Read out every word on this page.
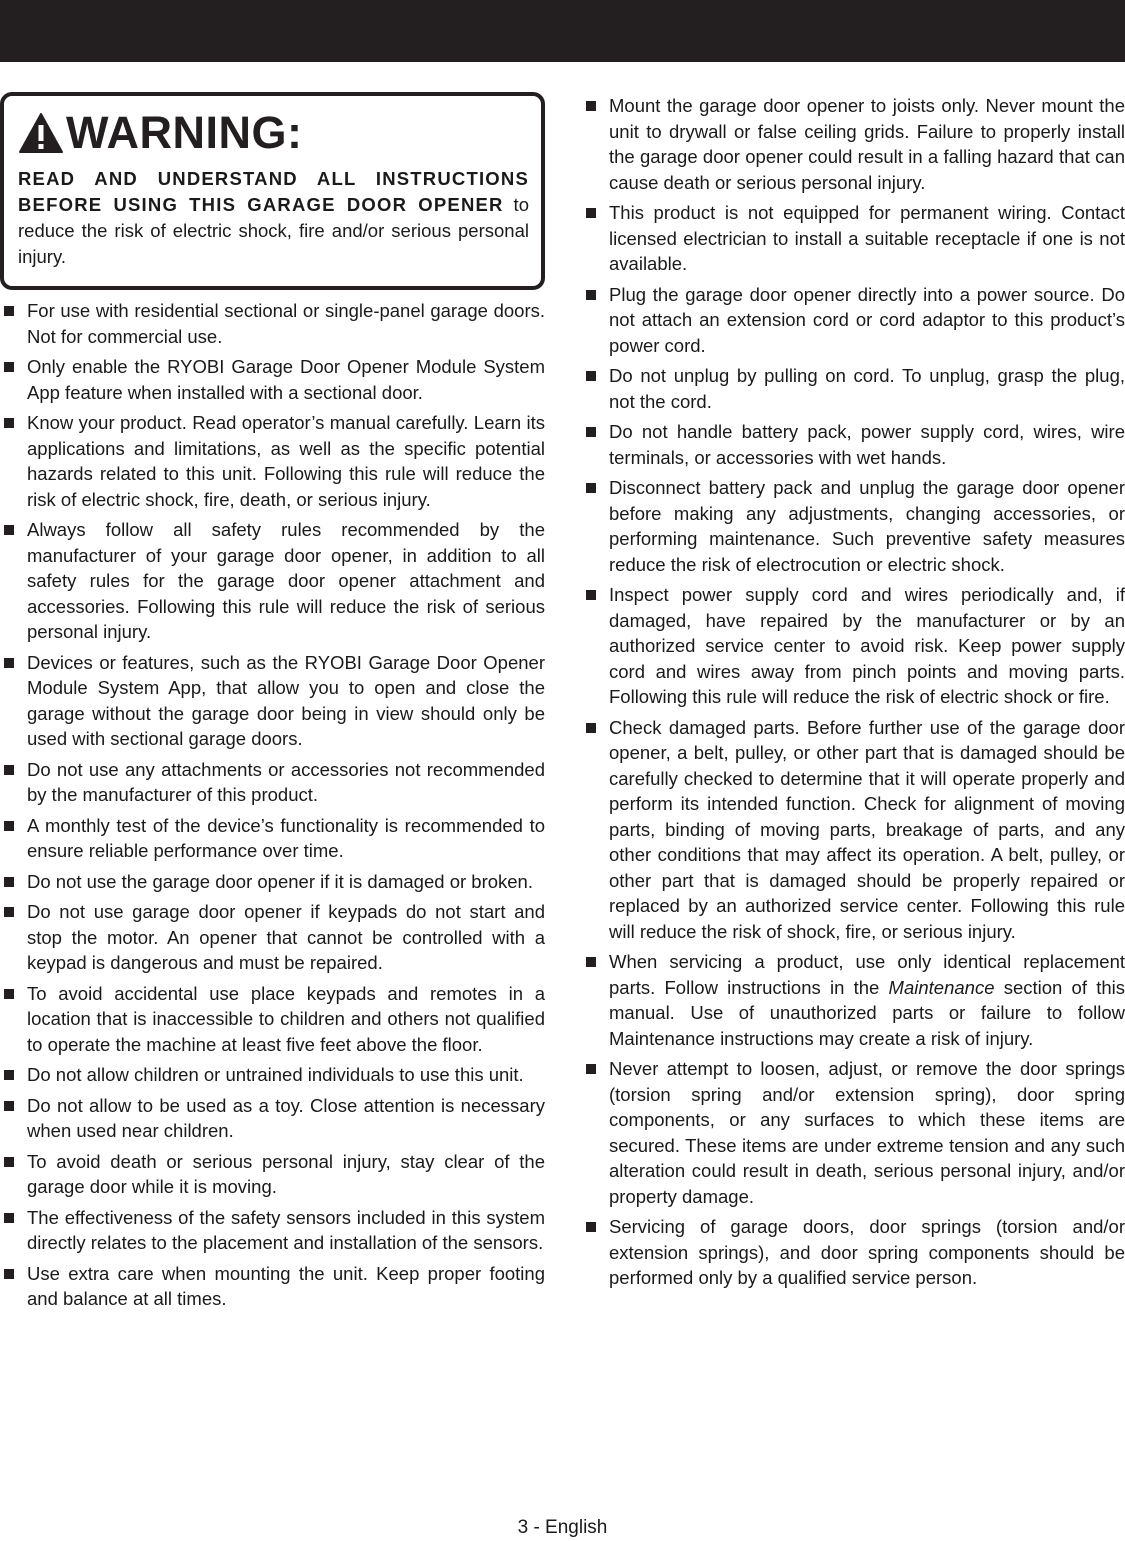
WARNING:
READ AND UNDERSTAND ALL INSTRUCTIONS BEFORE USING THIS GARAGE DOOR OPENER to reduce the risk of electric shock, fire and/or serious personal injury.
For use with residential sectional or single-panel garage doors. Not for commercial use.
Only enable the RYOBI Garage Door Opener Module System App feature when installed with a sectional door.
Know your product. Read operator’s manual carefully. Learn its applications and limitations, as well as the specific potential hazards related to this unit. Following this rule will reduce the risk of electric shock, fire, death, or serious injury.
Always follow all safety rules recommended by the manufacturer of your garage door opener, in addition to all safety rules for the garage door opener attachment and accessories. Following this rule will reduce the risk of serious personal injury.
Devices or features, such as the RYOBI Garage Door Opener Module System App, that allow you to open and close the garage without the garage door being in view should only be used with sectional garage doors.
Do not use any attachments or accessories not recommended by the manufacturer of this product.
A monthly test of the device’s functionality is recommended to ensure reliable performance over time.
Do not use the garage door opener if it is damaged or broken.
Do not use garage door opener if keypads do not start and stop the motor. An opener that cannot be controlled with a keypad is dangerous and must be repaired.
To avoid accidental use place keypads and remotes in a location that is inaccessible to children and others not qualified to operate the machine at least five feet above the floor.
Do not allow children or untrained individuals to use this unit.
Do not allow to be used as a toy. Close attention is necessary when used near children.
To avoid death or serious personal injury, stay clear of the garage door while it is moving.
The effectiveness of the safety sensors included in this system directly relates to the placement and installation of the sensors.
Use extra care when mounting the unit. Keep proper footing and balance at all times.
Mount the garage door opener to joists only. Never mount the unit to drywall or false ceiling grids. Failure to properly install the garage door opener could result in a falling hazard that can cause death or serious personal injury.
This product is not equipped for permanent wiring. Contact licensed electrician to install a suitable receptacle if one is not available.
Plug the garage door opener directly into a power source. Do not attach an extension cord or cord adaptor to this product’s power cord.
Do not unplug by pulling on cord. To unplug, grasp the plug, not the cord.
Do not handle battery pack, power supply cord, wires, wire terminals, or accessories with wet hands.
Disconnect battery pack and unplug the garage door opener before making any adjustments, changing accessories, or performing maintenance. Such preventive safety measures reduce the risk of electrocution or electric shock.
Inspect power supply cord and wires periodically and, if damaged, have repaired by the manufacturer or by an authorized service center to avoid risk. Keep power supply cord and wires away from pinch points and moving parts. Following this rule will reduce the risk of electric shock or fire.
Check damaged parts. Before further use of the garage door opener, a belt, pulley, or other part that is damaged should be carefully checked to determine that it will operate properly and perform its intended function. Check for alignment of moving parts, binding of moving parts, breakage of parts, and any other conditions that may affect its operation. A belt, pulley, or other part that is damaged should be properly repaired or replaced by an authorized service center. Following this rule will reduce the risk of shock, fire, or serious injury.
When servicing a product, use only identical replacement parts. Follow instructions in the Maintenance section of this manual. Use of unauthorized parts or failure to follow Maintenance instructions may create a risk of injury.
Never attempt to loosen, adjust, or remove the door springs (torsion spring and/or extension spring), door spring components, or any surfaces to which these items are secured. These items are under extreme tension and any such alteration could result in death, serious personal injury, and/or property damage.
Servicing of garage doors, door springs (torsion and/or extension springs), and door spring components should be performed only by a qualified service person.
3 - English
